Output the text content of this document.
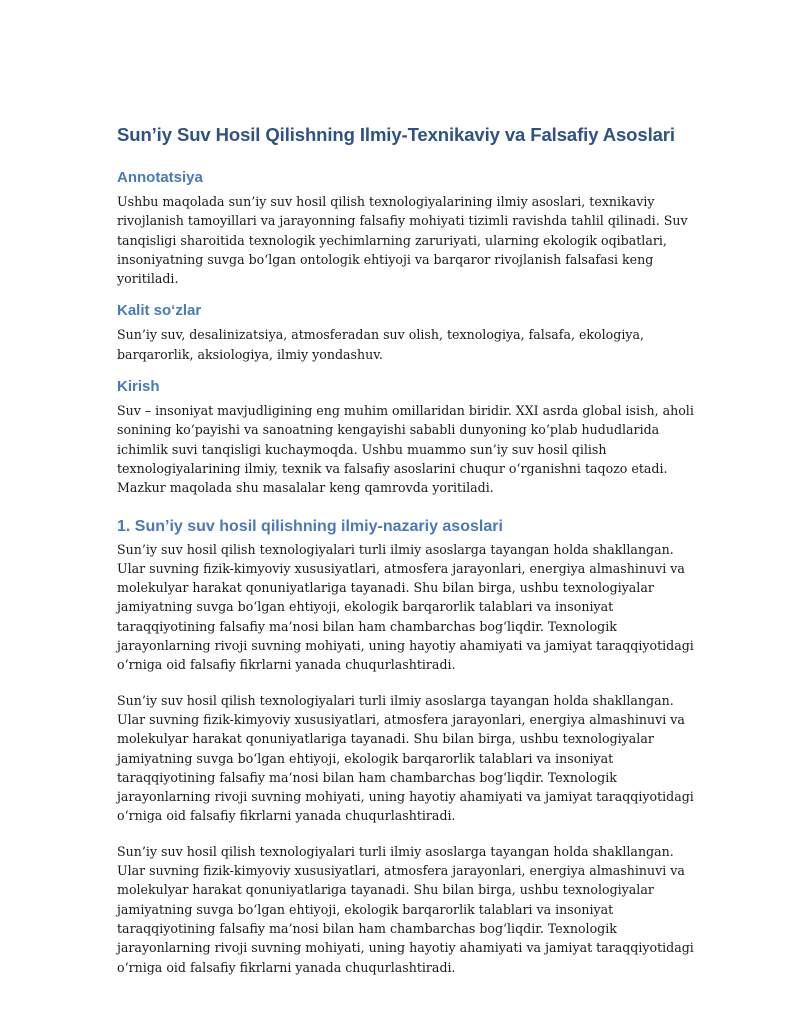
Sun’iy Suv Hosil Qilishning Ilmiy-Texnikaviy va Falsafiy Asoslari
Annotatsiya

Ushbu maqolada sun’iy suv hosil qilish texnologiyalarining ilmiy asoslari, texnikaviy rivojlanish tamoyillari va jarayonning falsafiy mohiyati tizimli ravishda tahlil qilinadi. Suv tanqisligi sharoitida texnologik yechimlarning zaruriyati, ularning ekologik oqibatlari, insoniyatning suvga bo‘lgan ontologik ehtiyoji va barqaror rivojlanish falsafasi keng yoritiladi.

Kalit so‘zlar

Sun’iy suv, desalinizatsiya, atmosferadan suv olish, texnologiya, falsafa, ekologiya, barqarorlik, aksiologiya, ilmiy yondashuv.

Kirish

Suv – insoniyat mavjudligining eng muhim omillaridan biridir. XXI asrda global isish, aholi sonining ko‘payishi va sanoatning kengayishi sababli dunyoning ko‘plab hududlarida ichimlik suvi tanqisligi kuchaymoqda. Ushbu muammo sun’iy suv hosil qilish texnologiyalarining ilmiy, texnik va falsafiy asoslarini chuqur o‘rganishni taqozo etadi. Mazkur maqolada shu masalalar keng qamrovda yoritiladi.

1. Sun’iy suv hosil qilishning ilmiy-nazariy asoslari

Sun’iy suv hosil qilish texnologiyalari turli ilmiy asoslarga tayangan holda shakllangan. Ular suvning fizik-kimyoviy xususiyatlari, atmosfera jarayonlari, energiya almashinuvi va molekulyar harakat qonuniyatlariga tayanadi. Shu bilan birga, ushbu texnologiyalar jamiyatning suvga bo‘lgan ehtiyoji, ekologik barqarorlik talablari va insoniyat taraqqiyotining falsafiy ma’nosi bilan ham chambarchas bog‘liqdir. Texnologik jarayonlarning rivoji suvning mohiyati, uning hayotiy ahamiyati va jamiyat taraqqiyotidagi o‘rniga oid falsafiy fikrlarni yanada chuqurlashtiradi.

Sun’iy suv hosil qilish texnologiyalari turli ilmiy asoslarga tayangan holda shakllangan. Ular suvning fizik-kimyoviy xususiyatlari, atmosfera jarayonlari, energiya almashinuvi va molekulyar harakat qonuniyatlariga tayanadi. Shu bilan birga, ushbu texnologiyalar jamiyatning suvga bo‘lgan ehtiyoji, ekologik barqarorlik talablari va insoniyat taraqqiyotining falsafiy ma’nosi bilan ham chambarchas bog‘liqdir. Texnologik jarayonlarning rivoji suvning mohiyati, uning hayotiy ahamiyati va jamiyat taraqqiyotidagi o‘rniga oid falsafiy fikrlarni yanada chuqurlashtiradi.

Sun’iy suv hosil qilish texnologiyalari turli ilmiy asoslarga tayangan holda shakllangan. Ular suvning fizik-kimyoviy xususiyatlari, atmosfera jarayonlari, energiya almashinuvi va molekulyar harakat qonuniyatlariga tayanadi. Shu bilan birga, ushbu texnologiyalar jamiyatning suvga bo‘lgan ehtiyoji, ekologik barqarorlik talablari va insoniyat taraqqiyotining falsafiy ma’nosi bilan ham chambarchas bog‘liqdir. Texnologik jarayonlarning rivoji suvning mohiyati, uning hayotiy ahamiyati va jamiyat taraqqiyotidagi o‘rniga oid falsafiy fikrlarni yanada chuqurlashtiradi.
